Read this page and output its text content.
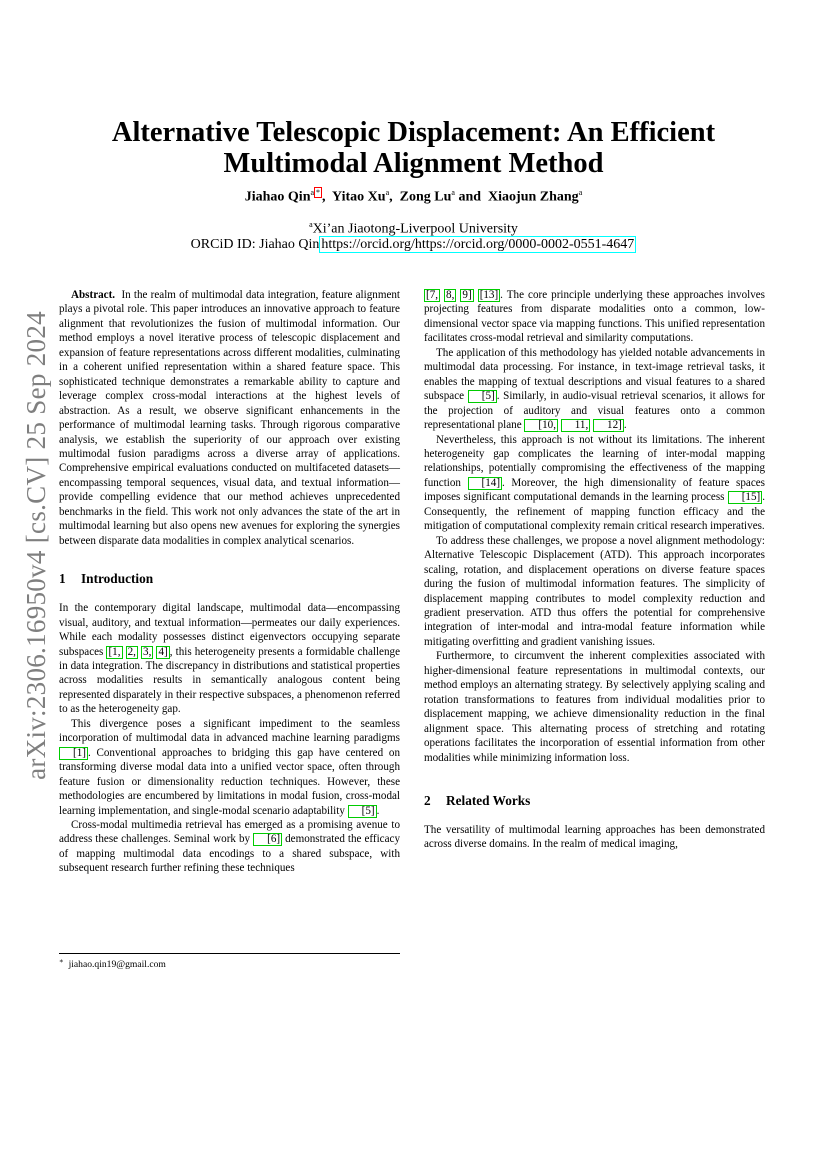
arXiv:2306.16950v4 [cs.CV] 25 Sep 2024
Alternative Telescopic Displacement: An Efficient
Multimodal Alignment Method
Jiahao Qin$^a$ * , Yitao Xu$^a$, Zong Lu$^a$ and Xiaojun Zhang$^a$
$^a$Xi’an Jiaotong-Liverpool University
ORCiD ID: Jiahao Qin https://orcid.org/https://orcid.org/0000-0002-0551-4647

Abstract. In the realm of multimodal data integration, feature alignment plays a pivotal role. This paper introduces an innovative approach to feature alignment that revolutionizes the fusion of multimodal information. Our method employs a novel iterative process of telescopic displacement and expansion of feature representations across different modalities, culminating in a coherent unified representation within a shared feature space. This sophisticated technique demonstrates a remarkable ability to capture and leverage complex cross-modal interactions at the highest levels of abstraction. As a result, we observe significant enhancements in the performance of multimodal learning tasks. Through rigorous comparative analysis, we establish the superiority of our approach over existing multimodal fusion paradigms across a diverse array of applications. Comprehensive empirical evaluations conducted on multifaceted datasets—encompassing temporal sequences, visual data, and textual information—provide compelling evidence that our method achieves unprecedented benchmarks in the field. This work not only advances the state of the art in multimodal learning but also opens new avenues for exploring the synergies between disparate data modalities in complex analytical scenarios.

1 Introduction

In the contemporary digital landscape, multimodal data—encompassing visual, auditory, and textual information—permeates our daily experiences. While each modality possesses distinct eigenvectors occupying separate subspaces [1, 2, 3, 4] , this heterogeneity presents a formidable challenge in data integration. The discrepancy in distributions and statistical properties across modalities results in semantically analogous content being represented disparately in their respective subspaces, a phenomenon referred to as the heterogeneity gap.

This divergence poses a significant impediment to the seamless incorporation of multimodal data in advanced machine learning paradigms [1] . Conventional approaches to bridging this gap have centered on transforming diverse modal data into a unified vector space, often through feature fusion or dimensionality reduction techniques. However, these methodologies are encumbered by limitations in modal fusion, cross-modal learning implementation, and single-modal scenario adaptability [5] .

Cross-modal multimedia retrieval has emerged as a promising avenue to address these challenges. Seminal work by [6] demonstrated the efficacy of mapping multimodal data encodings to a shared subspace, with subsequent research further refining these techniques

[7, 8, 9] [13] . The core principle underlying these approaches involves projecting features from disparate modalities onto a common, low-dimensional vector space via mapping functions. This unified representation facilitates cross-modal retrieval and similarity computations.

The application of this methodology has yielded notable advancements in multimodal data processing. For instance, in text-image retrieval tasks, it enables the mapping of textual descriptions and visual features to a shared subspace [5] . Similarly, in audio-visual retrieval scenarios, it allows for the projection of auditory and visual features onto a common representational plane [10, 11, 12] .

Nevertheless, this approach is not without its limitations. The inherent heterogeneity gap complicates the learning of inter-modal mapping relationships, potentially compromising the effectiveness of the mapping function [14] . Moreover, the high dimensionality of feature spaces imposes significant computational demands in the learning process [15] . Consequently, the refinement of mapping function efficacy and the mitigation of computational complexity remain critical research imperatives.

To address these challenges, we propose a novel alignment methodology: Alternative Telescopic Displacement (ATD). This approach incorporates scaling, rotation, and displacement operations on diverse feature spaces during the fusion of multimodal information features. The simplicity of displacement mapping contributes to model complexity reduction and gradient preservation. ATD thus offers the potential for comprehensive integration of inter-modal and intra-modal feature information while mitigating overfitting and gradient vanishing issues.

Furthermore, to circumvent the inherent complexities associated with higher-dimensional feature representations in multimodal contexts, our method employs an alternating strategy. By selectively applying scaling and rotation transformations to features from individual modalities prior to displacement mapping, we achieve dimensionality reduction in the final alignment space. This alternating process of stretching and rotating operations facilitates the incorporation of essential information from other modalities while minimizing information loss.

2 Related Works

The versatility of multimodal learning approaches has been demonstrated across diverse domains. In the realm of medical imaging,

∗ jiahao.qin19@gmail.com
